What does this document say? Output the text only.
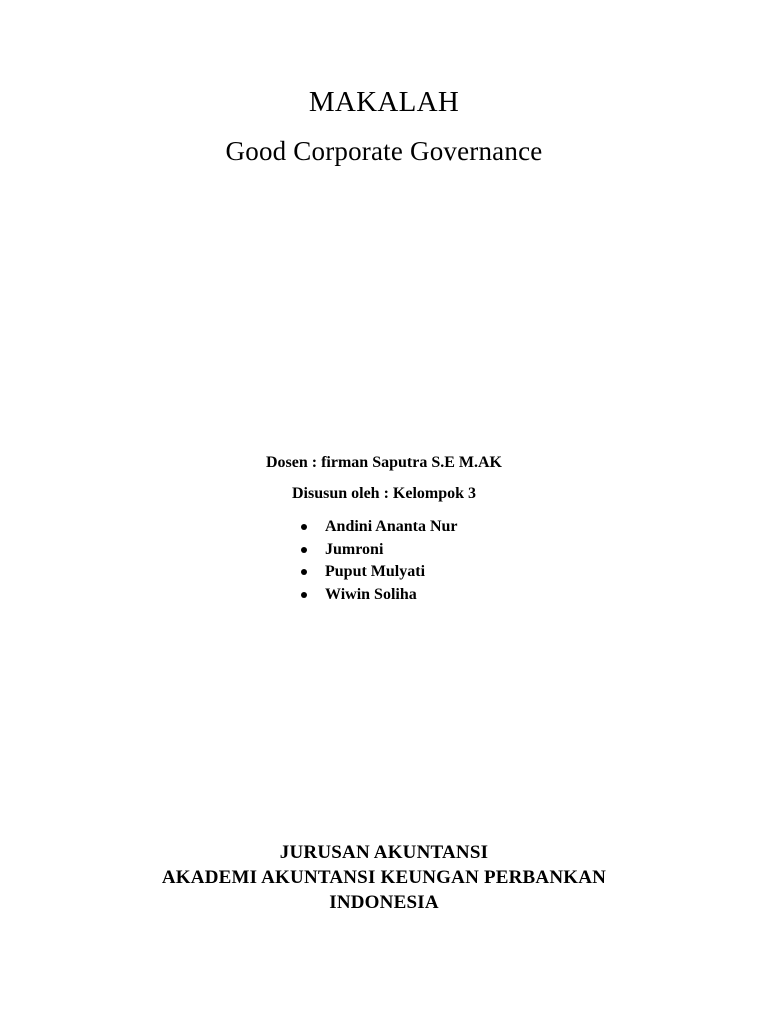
MAKALAH
Good Corporate Governance
Dosen : firman Saputra S.E M.AK
Disusun oleh : Kelompok 3
Andini Ananta Nur
Jumroni
Puput Mulyati
Wiwin Soliha
JURUSAN AKUNTANSI
AKADEMI AKUNTANSI KEUNGAN PERBANKAN
INDONESIA
